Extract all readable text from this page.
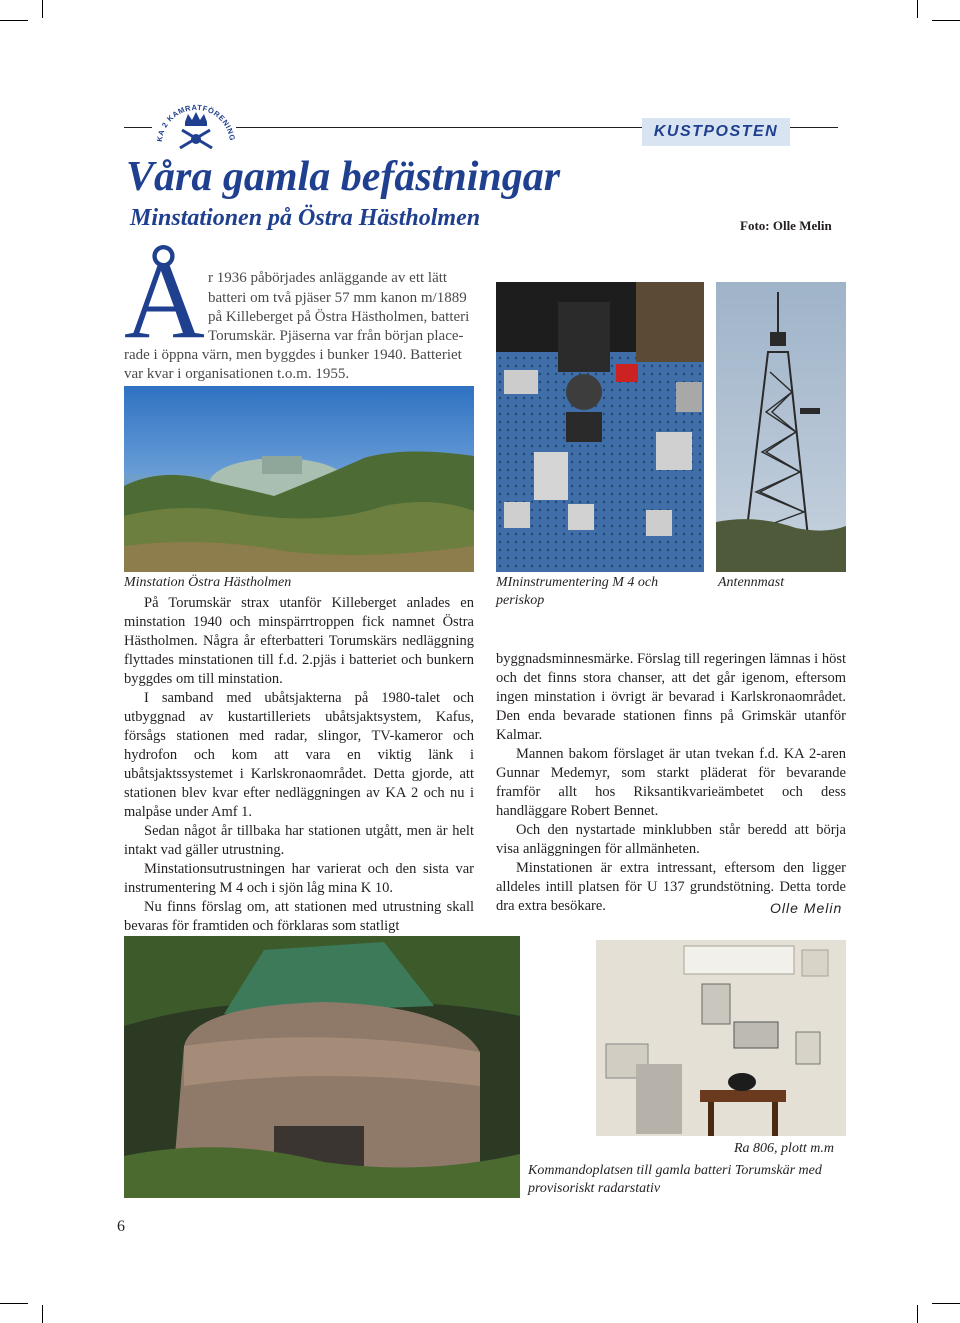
KA 2 KAMRATFÖRENING	KUSTPOSTEN
Våra gamla befästningar
Minstationen på Östra Hästholmen	Foto: Olle Melin
Å r 1936 påbörjades anläggande av ett lätt
batteri om två pjäser 57 mm kanon m/1889
på Killeberget på Östra Hästholmen, batteri
Torumskär. Pjäserna var från början place-
rade i öppna värn, men byggdes i bunker 1940. Batteriet
var kvar i organisationen t.o.m. 1955.
Minstation Östra Hästholmen	MIninstrumentering M 4 och periskop
Antennmast

På Torumskär strax utanför Killeberget anlades en minstation 1940 och minspärrtroppen fick namnet Östra Hästholmen. Några år efterbatteri Torumskärs nedläggning flyttades minstationen till f.d. 2.pjäs i batteriet och bunkern byggdes om till minstation.

I samband med ubåtsjakterna på 1980-talet och utbyggnad av kustartilleriets ubåtsjaktsystem, Kafus, försågs stationen med radar, slingor, TV-kameror och hydrofon och kom att vara en viktig länk i ubåtsjaktssystemet i Karlskronaområdet. Detta gjorde, att stationen blev kvar efter nedläggningen av KA 2 och nu i malpåse under Amf 1.

Sedan något år tillbaka har stationen utgått, men är helt intakt vad gäller utrustning.

Minstationsutrustningen har varierat och den sista var instrumentering M 4 och i sjön låg mina K 10.

Nu finns förslag om, att stationen med utrustning skall bevaras för framtiden och förklaras som statligt

byggnadsminnesmärke. Förslag till regeringen lämnas i höst och det finns stora chanser, att det går igenom, eftersom ingen minstation i övrigt är bevarad i Karlskronaområdet. Den enda bevarade stationen finns på Grimskär utanför Kalmar.

Mannen bakom förslaget är utan tvekan f.d. KA 2-aren Gunnar Medemyr, som starkt pläderat för bevarande framför allt hos Riksantikvarieämbetet och dess handläggare Robert Bennet.

Och den nystartade minklubben står beredd att börja visa anläggningen för allmänheten.

Minstationen är extra intressant, eftersom den ligger alldeles intill platsen för U 137 grundstötning. Detta torde dra extra besökare.	Olle Melin
Ra 806, plott m.m
Kommandoplatsen till gamla batteri Torumskär med provisoriskt radarstativ
6
